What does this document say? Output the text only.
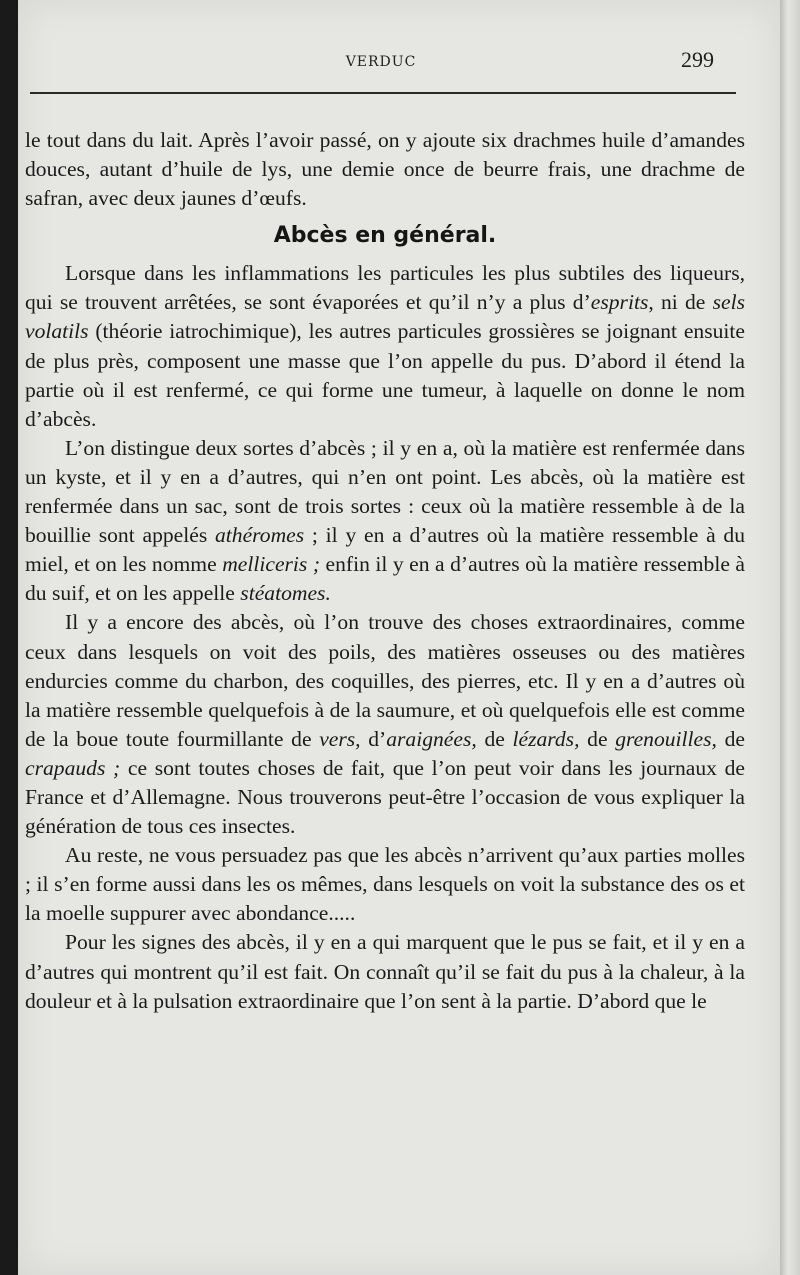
VERDUC	299

le tout dans du lait. Après l’avoir passé, on y ajoute six drachmes huile d’amandes douces, autant d’huile de lys, une demie once de beurre frais, une drachme de safran, avec deux jaunes d’œufs.

Abcès en général.

Lorsque dans les inflammations les particules les plus subtiles des liqueurs, qui se trouvent arrêtées, se sont évaporées et qu’il n’y a plus d’esprits, ni de sels volatils (théorie iatrochimique), les autres particules grossières se joignant ensuite de plus près, composent une masse que l’on appelle du pus. D’abord il étend la partie où il est renfermé, ce qui forme une tumeur, à laquelle on donne le nom d’abcès.

L’on distingue deux sortes d’abcès ; il y en a, où la matière est renfermée dans un kyste, et il y en a d’autres, qui n’en ont point. Les abcès, où la matière est renfermée dans un sac, sont de trois sortes : ceux où la matière ressemble à de la bouillie sont appelés athéromes ; il y en a d’autres où la matière ressemble à du miel, et on les nomme melliceris ; enfin il y en a d’autres où la matière ressemble à du suif, et on les appelle stéatomes.

Il y a encore des abcès, où l’on trouve des choses extraordinaires, comme ceux dans lesquels on voit des poils, des matières osseuses ou des matières endurcies comme du charbon, des coquilles, des pierres, etc. Il y en a d’autres où la matière ressemble quelquefois à de la saumure, et où quelquefois elle est comme de la boue toute fourmillante de vers, d’araignées, de lézards, de grenouilles, de crapauds ; ce sont toutes choses de fait, que l’on peut voir dans les journaux de France et d’Allemagne. Nous trouverons peut-être l’occasion de vous expliquer la génération de tous ces insectes.

Au reste, ne vous persuadez pas que les abcès n’arrivent qu’aux parties molles ; il s’en forme aussi dans les os mêmes, dans lesquels on voit la substance des os et la moelle suppurer avec abondance.....

Pour les signes des abcès, il y en a qui marquent que le pus se fait, et il y en a d’autres qui montrent qu’il est fait. On connaît qu’il se fait du pus à la chaleur, à la douleur et à la pulsation extraordinaire que l’on sent à la partie. D’abord que le
